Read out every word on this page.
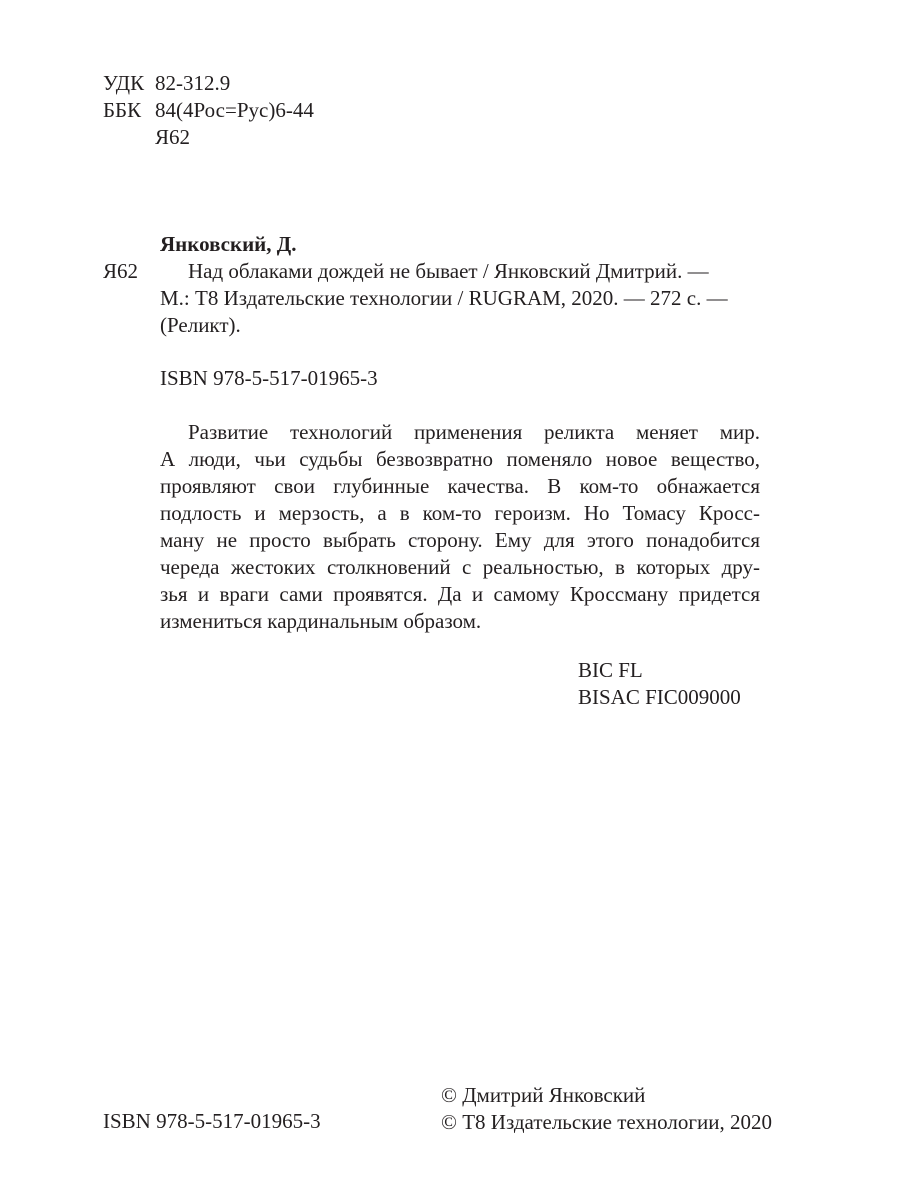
УДК 82-312.9
ББК 84(4Рос=Рус)6-44
Я62
Янковский, Д.
Я62	Над облаками дождей не бывает / Янковский Дмитрий. —
М.: Т8 Издательские технологии / RUGRAM, 2020. — 272 с. —
(Реликт).
ISBN 978-5-517-01965-3
Развитие технологий применения реликта меняет мир.
А люди, чьи судьбы безвозвратно поменяло новое вещество,
проявляют свои глубинные качества. В ком-то обнажается
подлость и мерзость, а в ком-то героизм. Но Томасу Кросс-
ману не просто выбрать сторону. Ему для этого понадобится
череда жестоких столкновений с реальностью, в которых дру-
зья и враги сами проявятся. Да и самому Кроссману придется
измениться кардинальным образом.
BIC FL
BISAC FIC009000
© Дмитрий Янковский
© Т8 Издательские технологии, 2020
ISBN 978-5-517-01965-3
